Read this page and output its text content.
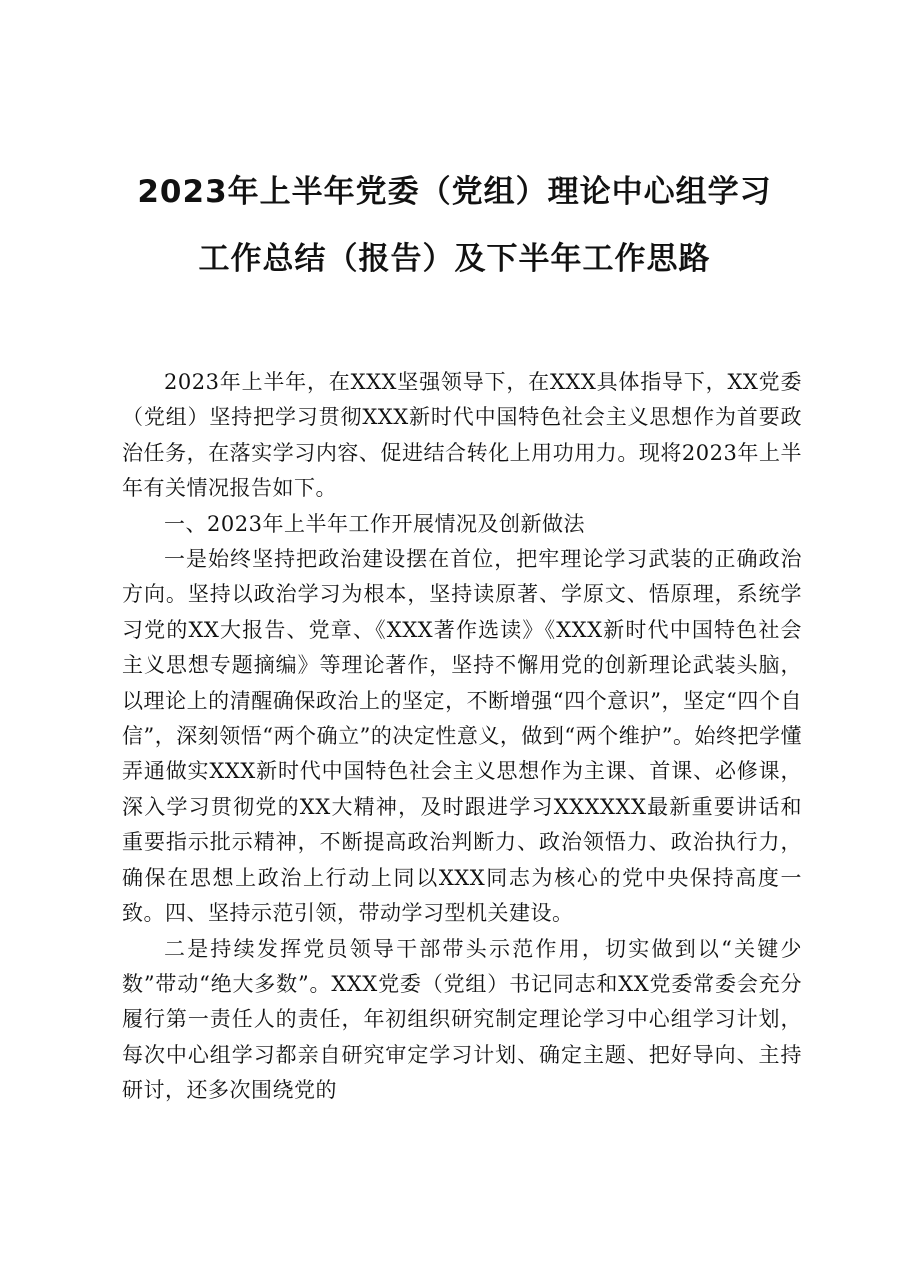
2023年上半年党委（党组）理论中心组学习
工作总结（报告）及下半年工作思路

2023年上半年，在XXX坚强领导下，在XXX具体指导下，XX党委（党组）坚持把学习贯彻XXX新时代中国特色社会主义思想作为首要政治任务，在落实学习内容、促进结合转化上用功用力。现将2023年上半年有关情况报告如下。

一、2023年上半年工作开展情况及创新做法

一是始终坚持把政治建设摆在首位，把牢理论学习武装的正确政治方向。坚持以政治学习为根本，坚持读原著、学原文、悟原理，系统学习党的XX大报告、党章、《XXX著作选读》《XXX新时代中国特色社会主义思想专题摘编》等理论著作，坚持不懈用党的创新理论武装头脑，以理论上的清醒确保政治上的坚定，不断增强“四个意识”，坚定“四个自信”，深刻领悟“两个确立”的决定性意义，做到“两个维护”。始终把学懂弄通做实XXX新时代中国特色社会主义思想作为主课、首课、必修课，深入学习贯彻党的XX大精神，及时跟进学习XXXXXX最新重要讲话和重要指示批示精神，不断提高政治判断力、政治领悟力、政治执行力，确保在思想上政治上行动上同以XXX同志为核心的党中央保持高度一致。四、坚持示范引领，带动学习型机关建设。

二是持续发挥党员领导干部带头示范作用，切实做到以“关键少数”带动“绝大多数”。XXX党委（党组）书记同志和XX党委常委会充分履行第一责任人的责任，年初组织研究制定理论学习中心组学习计划，每次中心组学习都亲自研究审定学习计划、确定主题、把好导向、主持研讨，还多次围绕党的
